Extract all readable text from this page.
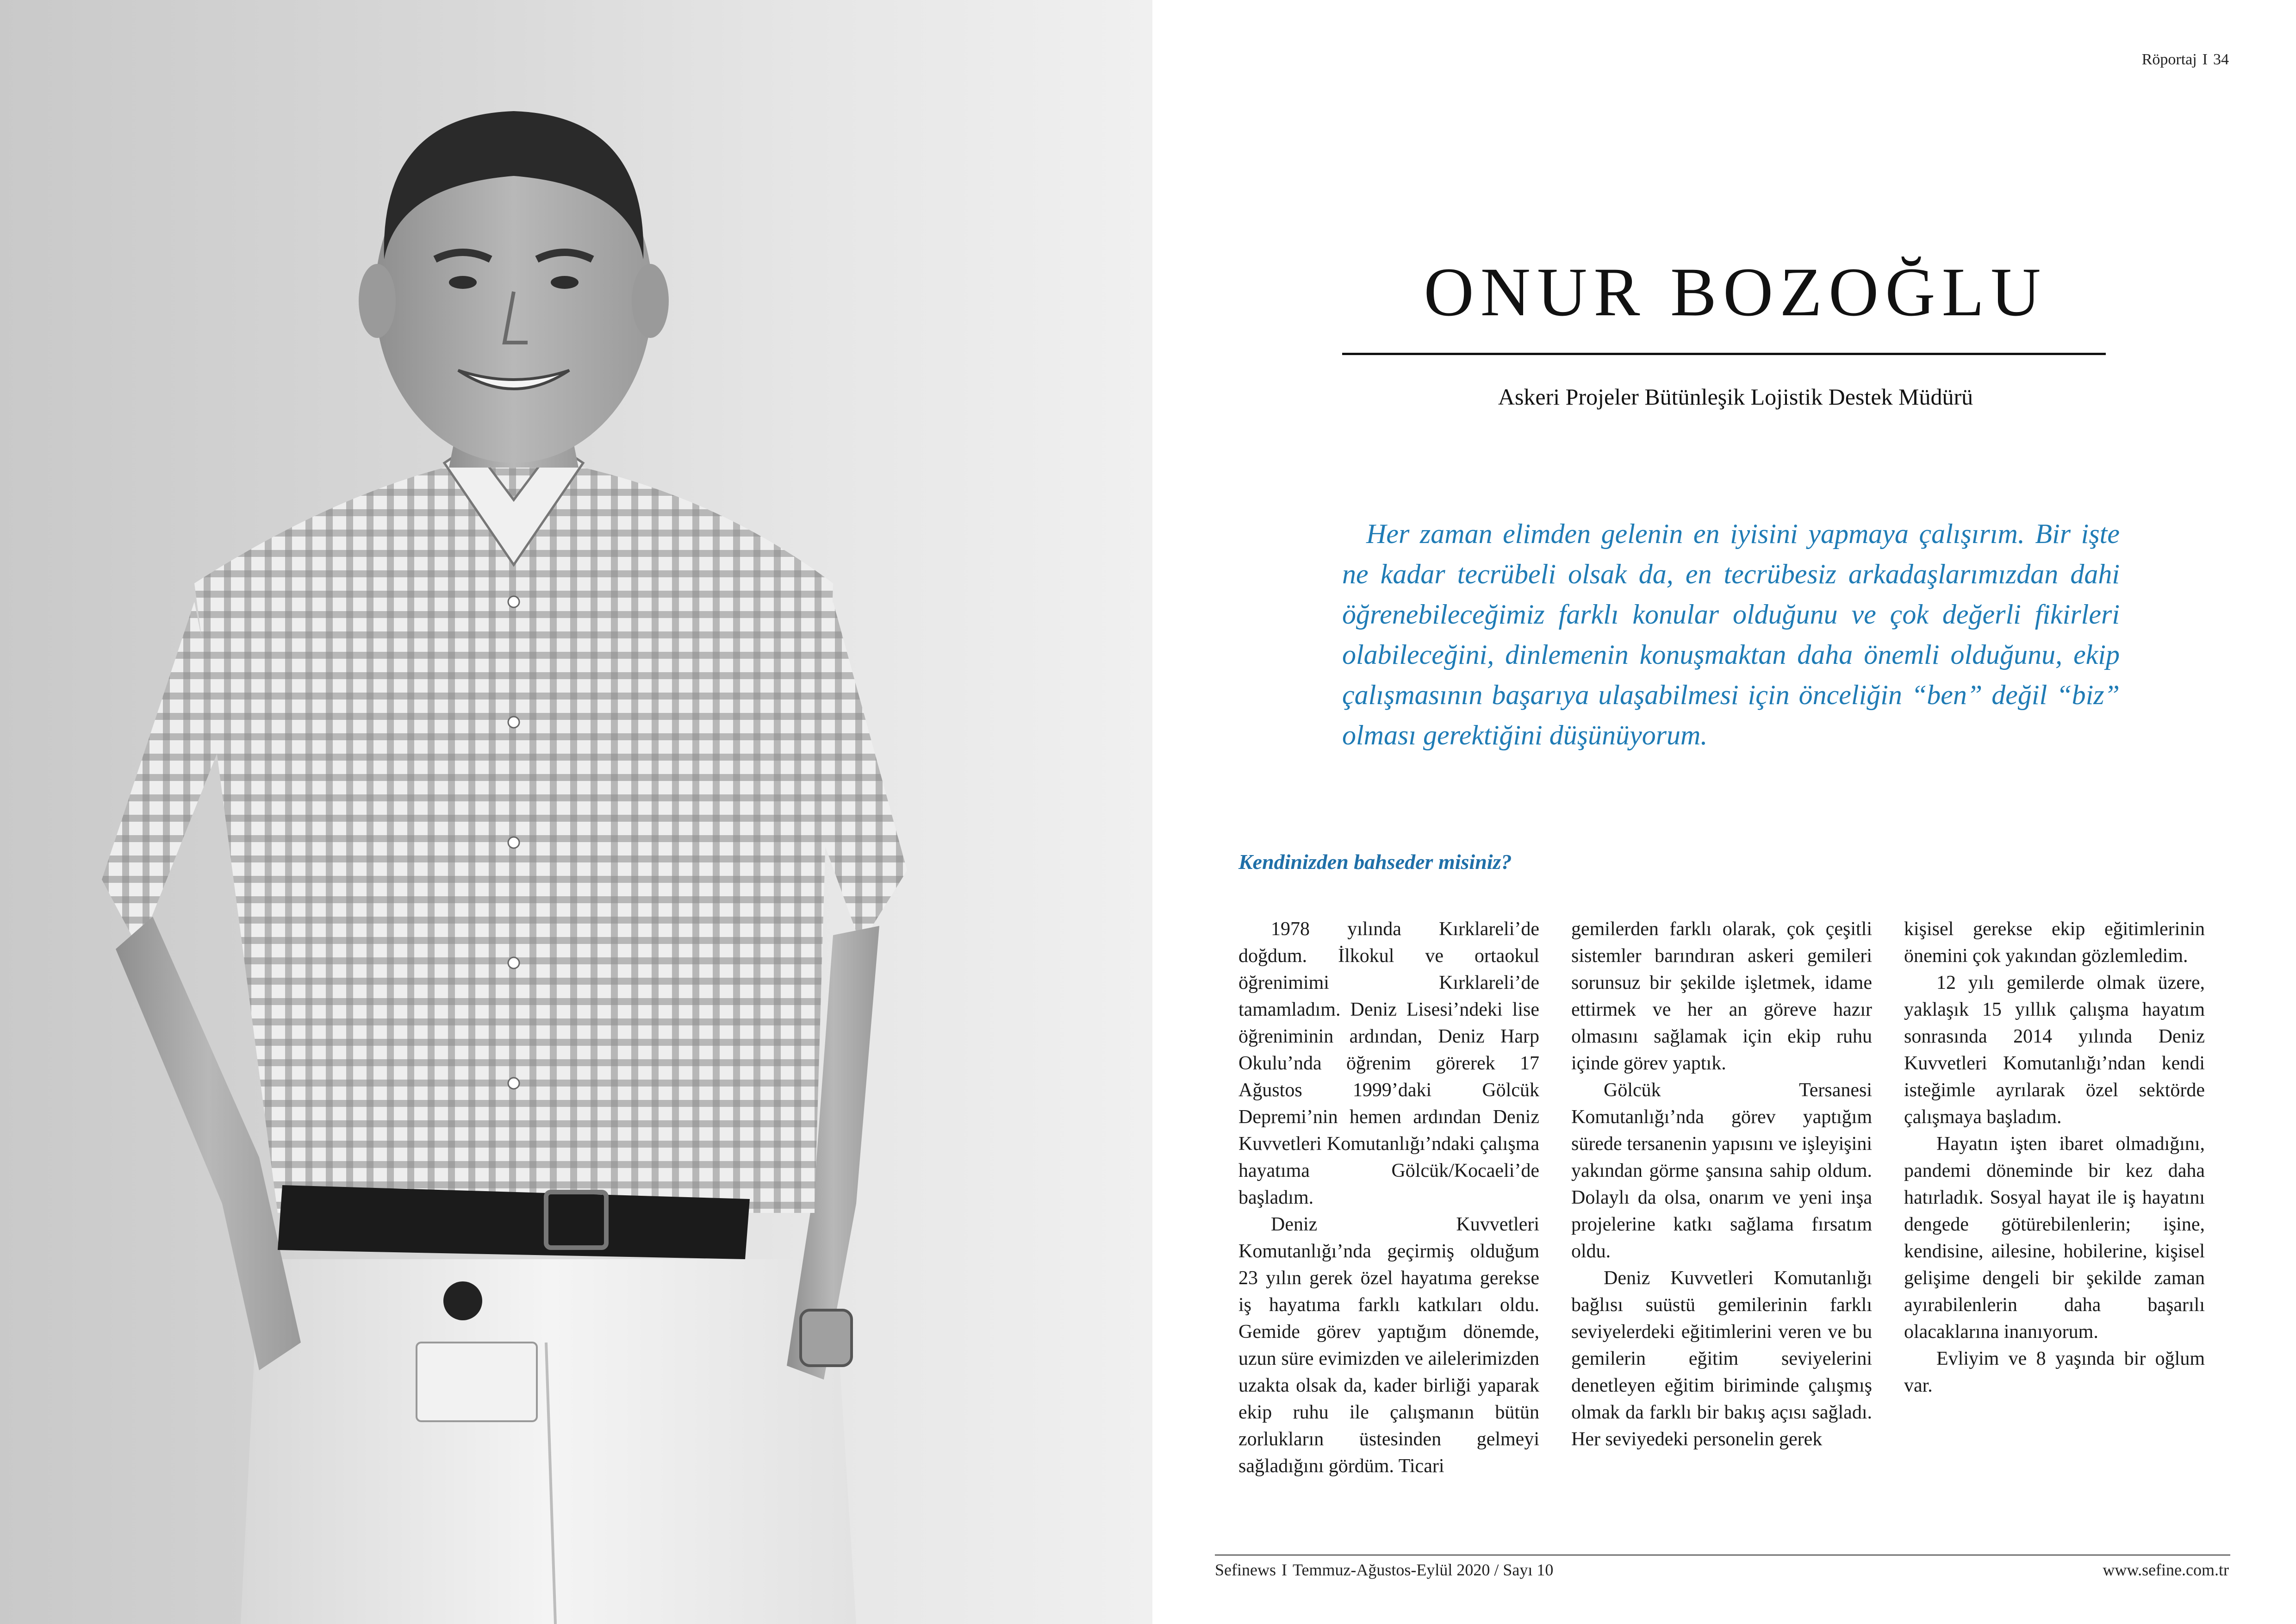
Röportaj I 34
ONUR BOZOĞLU
Askeri Projeler Bütünleşik Lojistik Destek Müdürü
Her zaman elimden gelenin en iyisini yapmaya çalışırım. Bir işte ne kadar tecrübeli olsak da, en tecrübesiz arkadaşlarımızdan dahi öğrenebileceğimiz farklı konular olduğunu ve çok değerli fikirleri olabileceğini, dinlemenin konuşmaktan daha önemli olduğunu, ekip çalışmasının başarıya ulaşabilmesi için önceliğin “ben” değil “biz” olması gerektiğini düşünüyorum.
Kendinizden bahseder misiniz?

1978 yılında Kırklareli’de doğdum. İlkokul ve ortaokul öğrenimimi Kırklareli’de tamamladım. Deniz Lisesi’ndeki lise öğreniminin ardından, Deniz Harp Okulu’nda öğrenim görerek 17 Ağustos 1999’daki Gölcük Depremi’nin hemen ardından Deniz Kuvvetleri Komutanlığı’ndaki çalışma hayatıma Gölcük/Kocaeli’de başladım.

Deniz Kuvvetleri Komutanlığı’nda geçirmiş olduğum 23 yılın gerek özel hayatıma gerekse iş hayatıma farklı katkıları oldu. Gemide görev yaptığım dönemde, uzun süre evimizden ve ailelerimizden uzakta olsak da, kader birliği yaparak ekip ruhu ile çalışmanın bütün zorlukların üstesinden gelmeyi sağladığını gördüm. Ticari

gemilerden farklı olarak, çok çeşitli sistemler barındıran askeri gemileri sorunsuz bir şekilde işletmek, idame ettirmek ve her an göreve hazır olmasını sağlamak için ekip ruhu içinde görev yaptık.

Gölcük Tersanesi Komutanlığı’nda görev yaptığım sürede tersanenin yapısını ve işleyişini yakından görme şansına sahip oldum. Dolaylı da olsa, onarım ve yeni inşa projelerine katkı sağlama fırsatım oldu.

Deniz Kuvvetleri Komutanlığı bağlısı suüstü gemilerinin farklı seviyelerdeki eğitimlerini veren ve bu gemilerin eğitim seviyelerini denetleyen eğitim biriminde çalışmış olmak da farklı bir bakış açısı sağladı. Her seviyedeki personelin gerek

kişisel gerekse ekip eğitimlerinin önemini çok yakından gözlemledim.

12 yılı gemilerde olmak üzere, yaklaşık 15 yıllık çalışma hayatım sonrasında 2014 yılında Deniz Kuvvetleri Komutanlığı’ndan kendi isteğimle ayrılarak özel sektörde çalışmaya başladım.

Hayatın işten ibaret olmadığını, pandemi döneminde bir kez daha hatırladık. Sosyal hayat ile iş hayatını dengede götürebilenlerin; işine, kendisine, ailesine, hobilerine, kişisel gelişime dengeli bir şekilde zaman ayırabilenlerin daha başarılı olacaklarına inanıyorum.

Evliyim ve 8 yaşında bir oğlum var.

Sefinews I Temmuz-Ağustos-Eylül 2020 / Sayı 10	www.sefine.com.tr
